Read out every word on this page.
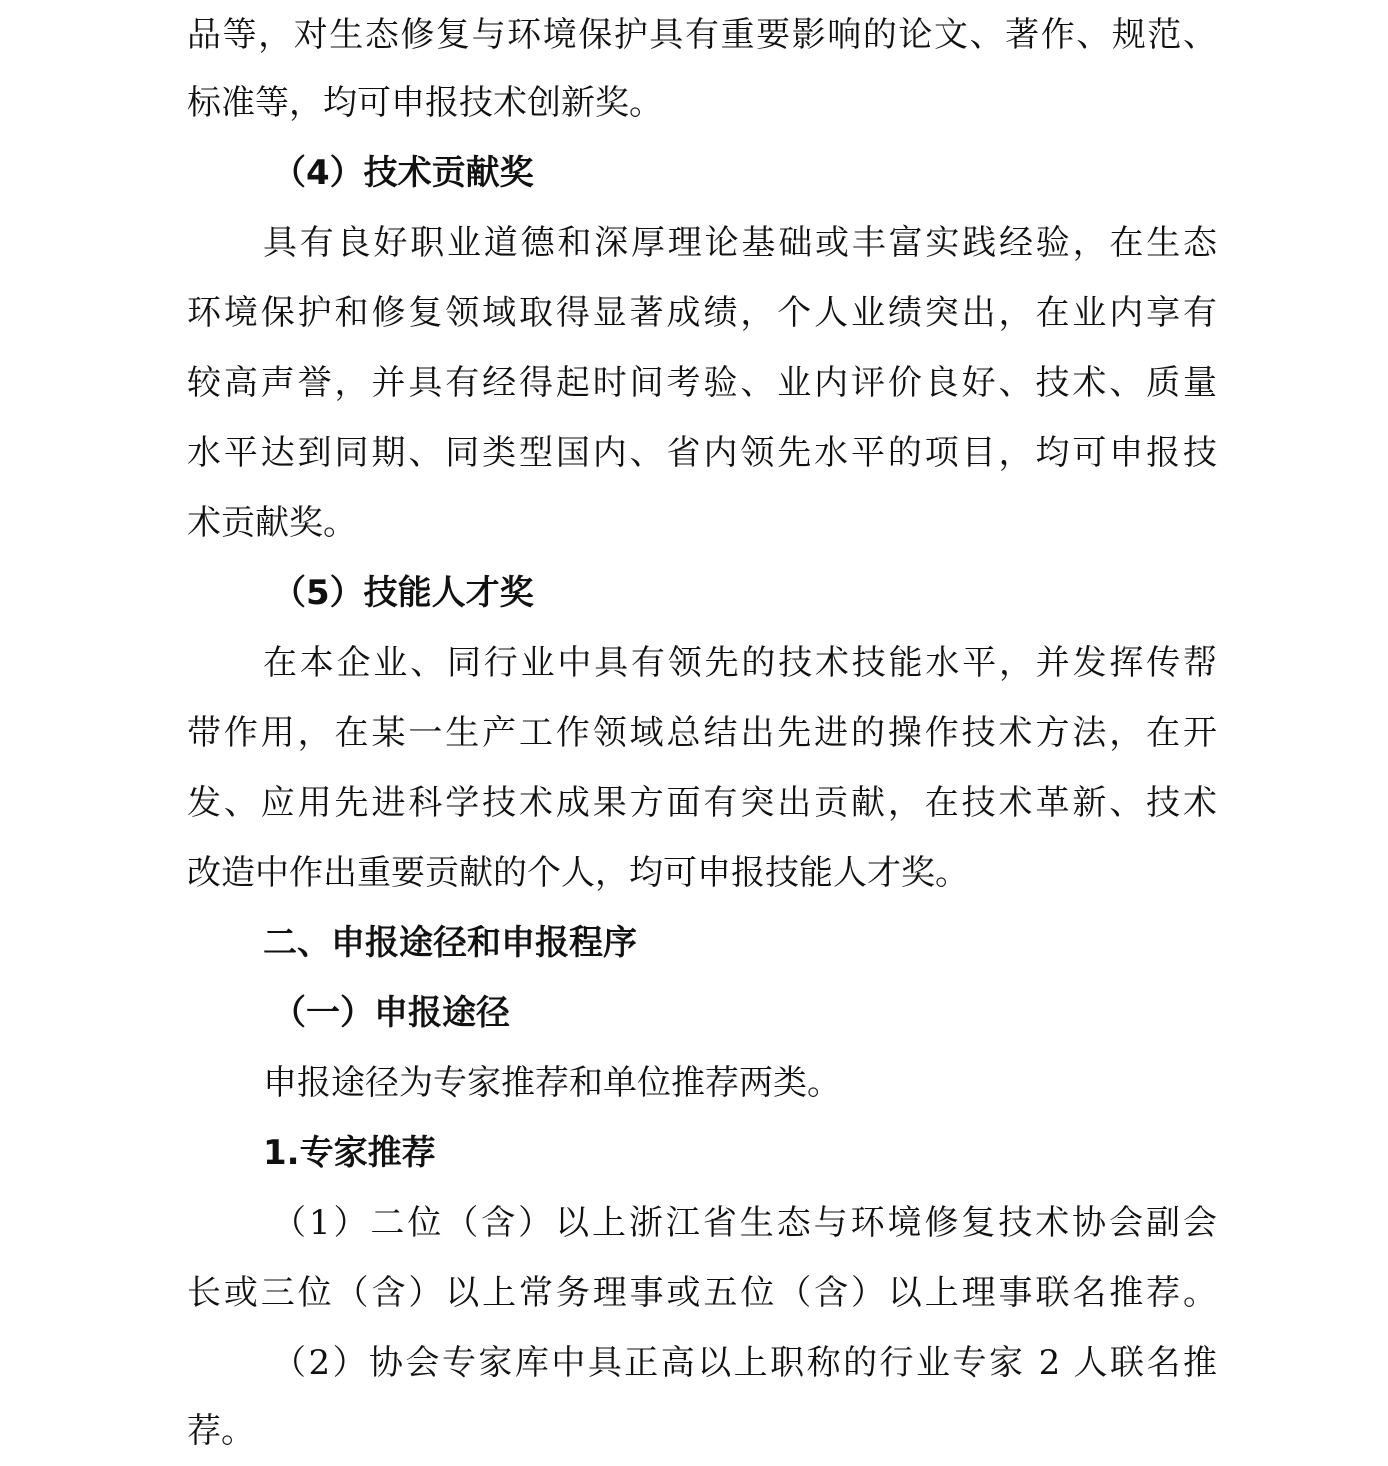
品等，对生态修复与环境保护具有重要影响的论文、著作、规范、
标准等，均可申报技术创新奖。
（4）技术贡献奖
具有良好职业道德和深厚理论基础或丰富实践经验，在生态
环境保护和修复领域取得显著成绩，个人业绩突出，在业内享有
较高声誉，并具有经得起时间考验、业内评价良好、技术、质量
水平达到同期、同类型国内、省内领先水平的项目，均可申报技
术贡献奖。
（5）技能人才奖
在本企业、同行业中具有领先的技术技能水平，并发挥传帮
带作用，在某一生产工作领域总结出先进的操作技术方法，在开
发、应用先进科学技术成果方面有突出贡献，在技术革新、技术
改造中作出重要贡献的个人，均可申报技能人才奖。
二、申报途径和申报程序
（一）申报途径
申报途径为专家推荐和单位推荐两类。
1.专家推荐
（1）二位（含）以上浙江省生态与环境修复技术协会副会
长或三位（含）以上常务理事或五位（含）以上理事联名推荐。
（2）协会专家库中具正高以上职称的行业专家 2 人联名推
荐。
